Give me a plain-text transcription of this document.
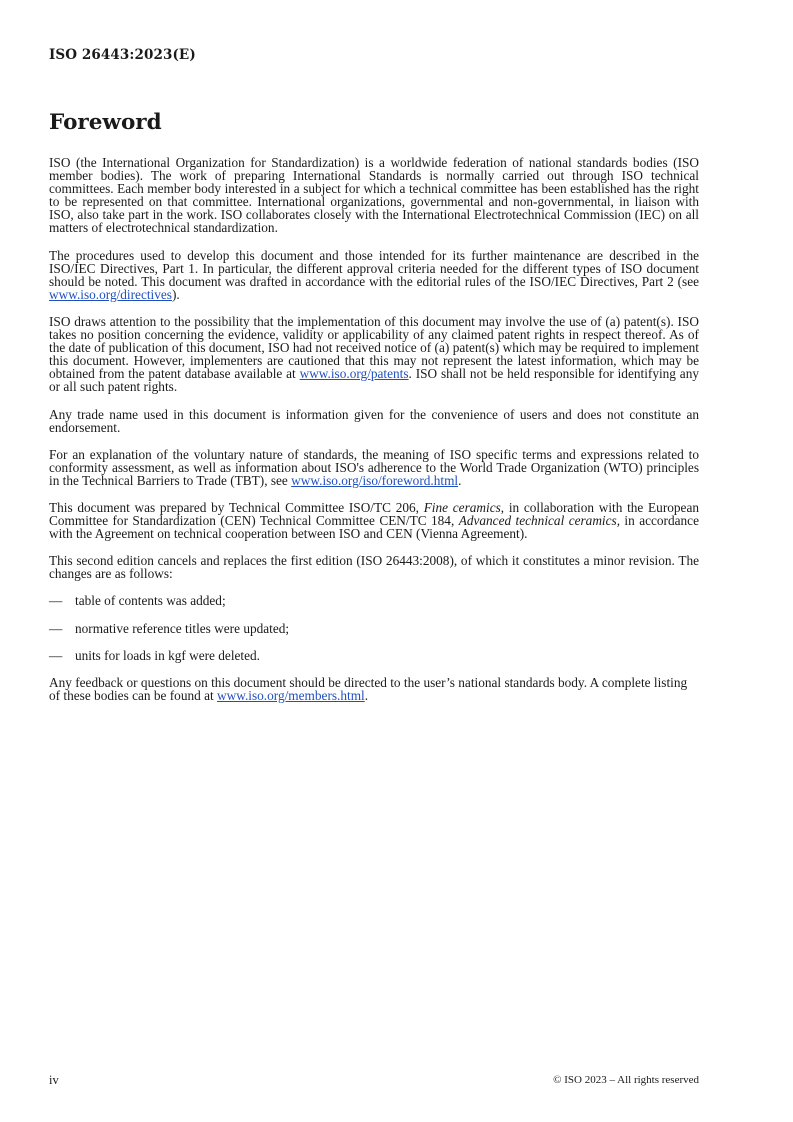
ISO 26443:2023(E)
Foreword

ISO (the International Organization for Standardization) is a worldwide federation of national standards bodies (ISO member bodies). The work of preparing International Standards is normally carried out through ISO technical committees. Each member body interested in a subject for which a technical committee has been established has the right to be represented on that committee. International organizations, governmental and non-governmental, in liaison with ISO, also take part in the work. ISO collaborates closely with the International Electrotechnical Commission (IEC) on all matters of electrotechnical standardization.

The procedures used to develop this document and those intended for its further maintenance are described in the ISO/IEC Directives, Part 1. In particular, the different approval criteria needed for the different types of ISO document should be noted. This document was drafted in accordance with the editorial rules of the ISO/IEC Directives, Part 2 (see www.iso.org/directives).

ISO draws attention to the possibility that the implementation of this document may involve the use of (a) patent(s). ISO takes no position concerning the evidence, validity or applicability of any claimed patent rights in respect thereof. As of the date of publication of this document, ISO had not received notice of (a) patent(s) which may be required to implement this document. However, implementers are cautioned that this may not represent the latest information, which may be obtained from the patent database available at www.iso.org/patents. ISO shall not be held responsible for identifying any or all such patent rights.

Any trade name used in this document is information given for the convenience of users and does not constitute an endorsement.

For an explanation of the voluntary nature of standards, the meaning of ISO specific terms and expressions related to conformity assessment, as well as information about ISO's adherence to the World Trade Organization (WTO) principles in the Technical Barriers to Trade (TBT), see www.iso.org/iso/foreword.html.

This document was prepared by Technical Committee ISO/TC 206, Fine ceramics, in collaboration with the European Committee for Standardization (CEN) Technical Committee CEN/TC 184, Advanced technical ceramics, in accordance with the Agreement on technical cooperation between ISO and CEN (Vienna Agreement).

This second edition cancels and replaces the first edition (ISO 26443:2008), of which it constitutes a minor revision. The changes are as follows:

— table of contents was added;
— normative reference titles were updated;
— units for loads in kgf were deleted.

Any feedback or questions on this document should be directed to the user’s national standards body. A complete listing of these bodies can be found at www.iso.org/members.html.

iv	© ISO 2023 – All rights reserved
